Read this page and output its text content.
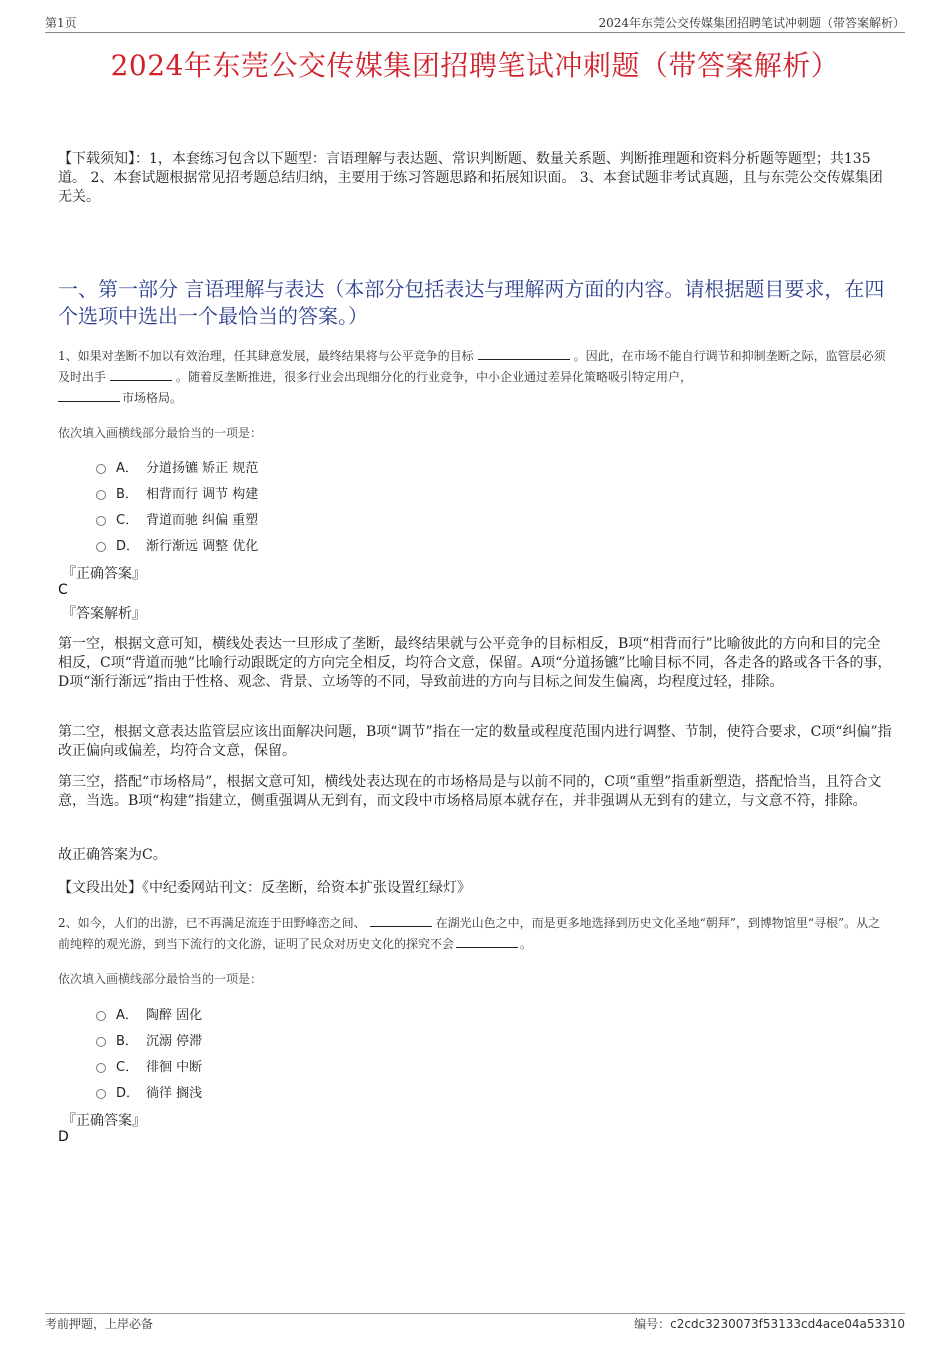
第1页	2024年东莞公交传媒集团招聘笔试冲刺题（带答案解析）
2024年东莞公交传媒集团招聘笔试冲刺题（带答案解析）
【下载须知】：1，本套练习包含以下题型：言语理解与表达题、常识判断题、数量关系题、判断推理题和资料分析题等题型；共135道。 2、本套试题根据常见招考题总结归纳，主要用于练习答题思路和拓展知识面。 3、本套试题非考试真题，且与东莞公交传媒集团无关。
一、第一部分 言语理解与表达（本部分包括表达与理解两方面的内容。请根据题目要求，在四个选项中选出一个最恰当的答案。）
1、如果对垄断不加以有效治理，任其肆意发展，最终结果将与公平竞争的目标	。因此，在市场不能自行调节和抑制垄断之际，监管层必须及时出手	。随着反垄断推进，很多行业会出现细分化的行业竞争，中小企业通过差异化策略吸引特定用户，
市场格局。
依次填入画横线部分最恰当的一项是：
A． 分道扬镳 矫正 规范
B． 相背而行 调节 构建
C． 背道而驰 纠偏 重塑
D． 渐行渐远 调整 优化
『正确答案』
C
『答案解析』
第一空，根据文意可知，横线处表达一旦形成了垄断，最终结果就与公平竞争的目标相反，B项“相背而行”比喻彼此的方向和目的完全相反，C项“背道而驰”比喻行动跟既定的方向完全相反，均符合文意，保留。A项“分道扬镳”比喻目标不同，各走各的路或各干各的事，D项“渐行渐远”指由于性格、观念、背景、立场等的不同，导致前进的方向与目标之间发生偏离，均程度过轻，排除。
第二空，根据文意表达监管层应该出面解决问题，B项“调节”指在一定的数量或程度范围内进行调整、节制，使符合要求，C项“纠偏”指改正偏向或偏差，均符合文意，保留。
第三空，搭配“市场格局”，根据文意可知，横线处表达现在的市场格局是与以前不同的，C项“重塑”指重新塑造，搭配恰当，且符合文意，当选。B项“构建”指建立，侧重强调从无到有，而文段中市场格局原本就存在，并非强调从无到有的建立，与文意不符，排除。
故正确答案为C。
【文段出处】《中纪委网站刊文：反垄断，给资本扩张设置红绿灯》
2、如今，人们的出游，已不再满足流连于田野峰峦之间、	在湖光山色之中，而是更多地选择到历史文化圣地“朝拜”，到博物馆里“寻根”。从之前纯粹的观光游，到当下流行的文化游，证明了民众对历史文化的探究不会	。
依次填入画横线部分最恰当的一项是：
A． 陶醉 固化
B． 沉溺 停滞
C． 徘徊 中断
D． 徜徉 搁浅
『正确答案』
D
考前押题，上岸必备	编号：c2cdc3230073f53133cd4ace04a53310
